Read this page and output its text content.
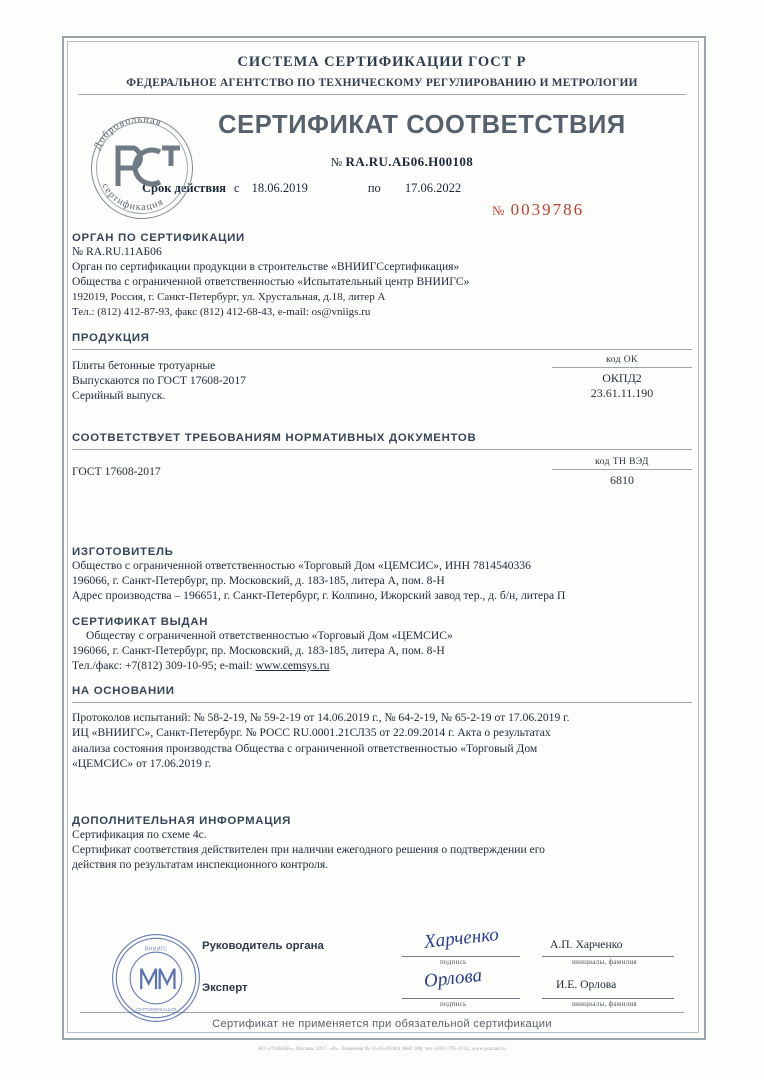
СИСТЕМА СЕРТИФИКАЦИИ ГОСТ Р
ФЕДЕРАЛЬНОЕ АГЕНТСТВО ПО ТЕХНИЧЕСКОМУ РЕГУЛИРОВАНИЮ И МЕТРОЛОГИИ
СЕРТИФИКАТ СООТВЕТСТВИЯ
Добровольная
сертификация
№ RA.RU.АБ06.Н00108
Срок действия с 18.06.2019	по 17.06.2022
№ 0039786
ОРГАН ПО СЕРТИФИКАЦИИ
№ RA.RU.11АБ06
Орган по сертификации продукции в строительстве «ВНИИГСсертификация»
Общества с ограниченной ответственностью «Испытательный центр ВНИИГС»
192019, Россия, г. Санкт-Петербург, ул. Хрустальная, д.18, литер А
Тел.: (812) 412-87-93, факс (812) 412-68-43, e-mail: os@vniigs.ru
ПРОДУКЦИЯ
Плиты бетонные тротуарные
Выпускаются по ГОСТ 17608-2017
Серийный выпуск.
код ОК
ОКПД2
23.61.11.190
СООТВЕТСТВУЕТ ТРЕБОВАНИЯМ НОРМАТИВНЫХ ДОКУМЕНТОВ
ГОСТ 17608-2017
код ТН ВЭД
6810
ИЗГОТОВИТЕЛЬ
Общество с ограниченной ответственностью «Торговый Дом «ЦЕМСИС», ИНН 7814540336
196066, г. Санкт-Петербург, пр. Московский, д. 183-185, литера А, пом. 8-Н
Адрес производства – 196651, г. Санкт-Петербург, г. Колпино, Ижорский завод тер., д. б/н, литера П
СЕРТИФИКАТ ВЫДАН
Обществу с ограниченной ответственностью «Торговый Дом «ЦЕМСИС»
196066, г. Санкт-Петербург, пр. Московский, д. 183-185, литера А, пом. 8-Н
Тел./факс: +7(812) 309-10-95; e-mail: www.cemsys.ru
НА ОСНОВАНИИ
Протоколов испытаний: № 58-2-19, № 59-2-19 от 14.06.2019 г., № 64-2-19, № 65-2-19 от 17.06.2019 г.
ИЦ «ВНИИГС», Санкт-Петербург. № РОСС RU.0001.21СЛ35 от 22.09.2014 г. Акта о результатах
анализа состояния производства Общества с ограниченной ответственностью «Торговый Дом
«ЦЕМСИС» от 17.06.2019 г.
ДОПОЛНИТЕЛЬНАЯ ИНФОРМАЦИЯ
Сертификация по схеме 4с.
Сертификат соответствия действителен при наличии ежегодного решения о подтверждении его
действия по результатам инспекционного контроля.
Руководитель органа	Харченко
подпись
А.П. Харченко
инициалы, фамилия
Эксперт	Орлова
подпись
И.Е. Орлова
инициалы, фамилия
Сертификат не применяется при обязательной сертификации
ВНИИГС
СЕРТИФИКАЦИЯ
АО «ГОЗНАК», Москва, 2017. «В». Лицензия № 05-05-09/001 ФНС РФ. тел. (495) 795-4742, www.goznak.ru
